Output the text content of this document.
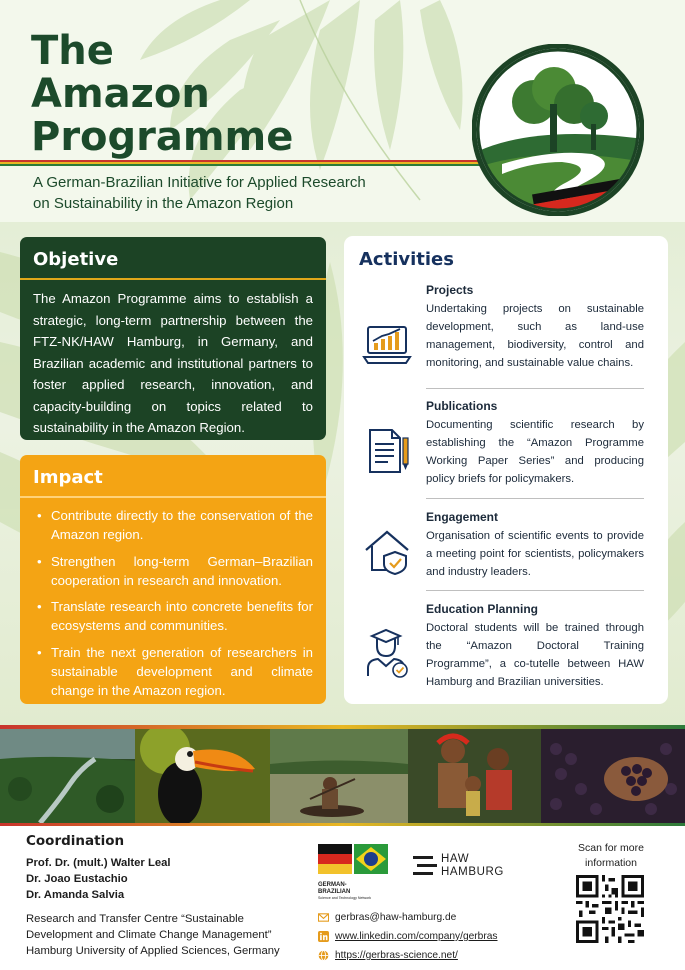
The
Amazon
Programme
A German-Brazilian Initiative for Applied Research
on Sustainability in the Amazon Region
Objetive

The Amazon Programme aims to establish a strategic, long-term partnership between the FTZ-NK/HAW Hamburg, in Germany, and Brazilian academic and institutional partners to foster applied research, innovation, and capacity-building on topics related to sustainability in the Amazon Region.

Impact
• Contribute directly to the conservation of the Amazon region.
• Strengthen long-term German–Brazilian cooperation in research and innovation.
• Translate research into concrete benefits for ecosystems and communities.
• Train the next generation of researchers in sustainable development and climate change in the Amazon region.
Activities
Projects

Undertaking projects on sustainable development, such as land-use management, biodiversity, control and monitoring, and sustainable value chains.

Publications

Documenting scientific research by establishing the “Amazon Programme Working Paper Series” and producing policy briefs for policymakers.

Engagement

Organisation of scientific events to provide a meeting point for scientists, policymakers and industry leaders.

Education Planning

Doctoral students will be trained through the “Amazon Doctoral Training Programme”, a co-tutelle between HAW Hamburg and Brazilian universities.

Coordination
Prof. Dr. (mult.) Walter Leal
Dr. Joao Eustachio
Dr. Amanda Salvia
Research and Transfer Centre “Sustainable
Development and Climate Change Management”
Hamburg University of Applied Sciences, Germany
GERMAN-
BRAZILIAN
Science and Technology Network
HAW
HAMBURG
gerbras@haw-hamburg.de
www.linkedin.com/company/gerbras
https://gerbras-science.net/
Scan for more
information
